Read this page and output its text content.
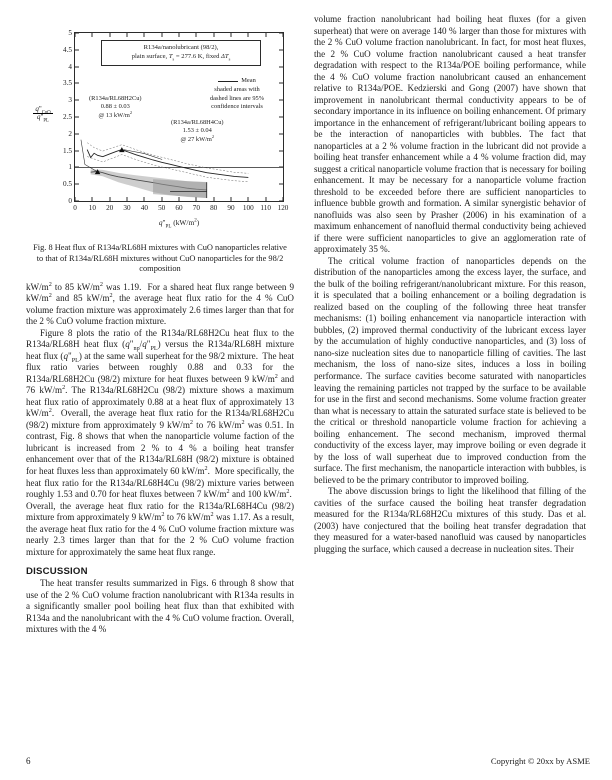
$\frac{q"_{CuO}}{q"_{PL}}$
0
0.5
1
1.5
2
2.5
3
3.5
4
4.5
5
0 10 20 30 40 50 60 70 80 90 100 110 120
R134a/nanolubricant (98/2),
plain surface, $T_s = 277.6$ K, fixed $\Delta T_s$
Mean
shaded areas with
dashed lines are 95%
confidence intervals
(R134a/RL68H2Cu)
0.88 ± 0.03
@ 13 $kW/m^2$
(R134a/RL68H4Cu)
1.53 ± 0.04
@ 27 $kW/m^2$
$q"_{PL}$ $(kW/m^2)$
Fig. 8 Heat flux of R134a/RL68H mixtures with CuO nanoparticles relative to that of R134a/RL68H mixtures without CuO nanoparticles for the 98/2 composition

$kW/m^2$ to 85 $kW/m^2$ was 1.19.  For a shared heat flux range between 9 $kW/m^2$ and 85 $kW/m^2$, the average heat flux ratio for the 4 % CuO volume fraction mixture was approximately 2.6 times larger than that for the 2 % CuO volume fraction mixture.

Figure 8 plots the ratio of the R134a/RL68H2Cu heat flux to the R134a/RL68H heat flux $(q"_{np}/q"_{PL})$ versus the R134a/RL68H mixture heat flux $(q"_{PL})$ at the same wall superheat for the 98/2 mixture.  The heat flux ratio varies between roughly 0.88 and 0.33 for the R134a/RL68H2Cu (98/2) mixture for heat fluxes between 9 $kW/m^2$ and 76 $kW/m^2$. The R134a/RL68H2Cu (98/2) mixture shows a maximum heat flux ratio of approximately 0.88 at a heat flux of approximately 13 $kW/m^2$.  Overall, the average heat flux ratio for the R134a/RL68H2Cu (98/2) mixture from approximately 9 $kW/m^2$ to 76 $kW/m^2$ was 0.51. In contrast, Fig. 8 shows that when the nanoparticle volume faction of the lubricant is increased from 2 % to 4 % a boiling heat transfer enhancement over that of the R134a/RL68H (98/2) mixture is obtained for heat fluxes less than approximately 60 $kW/m^2$.  More specifically, the heat flux ratio for the R134a/RL68H4Cu (98/2) mixture varies between roughly 1.53 and 0.70 for heat fluxes between 7 $kW/m^2$ and 100 $kW/m^2$.  Overall, the average heat flux ratio for the R134a/RL68H4Cu (98/2) mixture from approximately 9 $kW/m^2$ to 76 $kW/m^2$ was 1.17. As a result, the average heat flux ratio for the 4 % CuO volume fraction mixture was nearly 2.3 times larger than that for the 2 % CuO volume fraction mixture for approximately the same heat flux range.

DISCUSSION

The heat transfer results summarized in Figs. 6 through 8 show that use of the 2 % CuO volume fraction nanolubricant with R134a results in a significantly smaller pool boiling heat flux than that exhibited with R134a and the nanolubricant with the 4 % CuO volume fraction. Overall, mixtures with the 4 %

volume fraction nanolubricant had boiling heat fluxes (for a given superheat) that were on average 140 % larger than those for mixtures with the 2 % CuO volume fraction nanolubricant. In fact, for most heat fluxes, the 2 % CuO volume fraction nanolubricant caused a heat transfer degradation with respect to the R134a/POE boiling performance, while the 4 % CuO volume fraction nanolubricant caused an enhancement relative to R134a/POE. Kedzierski and Gong (2007) have shown that improvement in nanolubricant thermal conductivity appears to be of secondary importance in its influence on boiling enhancement. Of primary importance in the enhancement of refrigerant/lubricant boiling appears to be the interaction of nanoparticles with bubbles. The fact that nanoparticles at a 2 % volume fraction in the lubricant did not provide a boiling heat transfer enhancement while a 4 % volume fraction did, may suggest a critical nanoparticle volume fraction that is necessary for boiling enhancement. It may be necessary for a nanoparticle volume fraction threshold to be exceeded before there are sufficient nanoparticles to influence bubble growth and formation. A similar synergistic behavior of nanofluids was also seen by Prasher (2006) in his examination of a maximum enhancement of nanofluid thermal conductivity being achieved if there were sufficient nanoparticles to give an agglomeration rate of approximately 35 %.

The critical volume fraction of nanoparticles depends on the distribution of the nanoparticles among the excess layer, the surface, and the bulk of the boiling refrigerant/nanolubricant mixture. For this reason, it is speculated that a boiling enhancement or a boiling degradation is realized based on the coupling of the following three heat transfer mechanisms: (1) boiling enhancement via nanoparticle interaction with bubbles, (2) improved thermal conductivity of the lubricant excess layer by the accumulation of highly conductive nanoparticles, and (3) loss of nano-size nucleation sites due to nanoparticle filling of cavities. The last mechanism, the loss of nano-size sites, induces a loss in boiling performance. The surface cavities become saturated with nanoparticles leaving the remaining particles not trapped by the surface to be available for use in the first and second mechanisms. Some volume fraction greater than what is necessary to attain the saturated surface state is believed to be the critical or threshold nanoparticle volume fraction for achieving a boiling enhancement. The second mechanism, improved thermal conductivity of the excess layer, may improve boiling or even degrade it by the loss of wall superheat due to improved conduction from the surface. The first mechanism, the nanoparticle interaction with bubbles, is believed to be the primary contributor to improved boiling.

The above discussion brings to light the likelihood that filling of the cavities of the surface caused the boiling heat transfer degradation measured for the R134a/RL68H2Cu mixtures of this study. Das et al. (2003) have conjectured that the boiling heat transfer degradation that they measured for a water-based nanofluid was caused by nanoparticles plugging the surface, which caused a decrease in nucleation sites. Their

6	Copyright © 20xx by ASME
